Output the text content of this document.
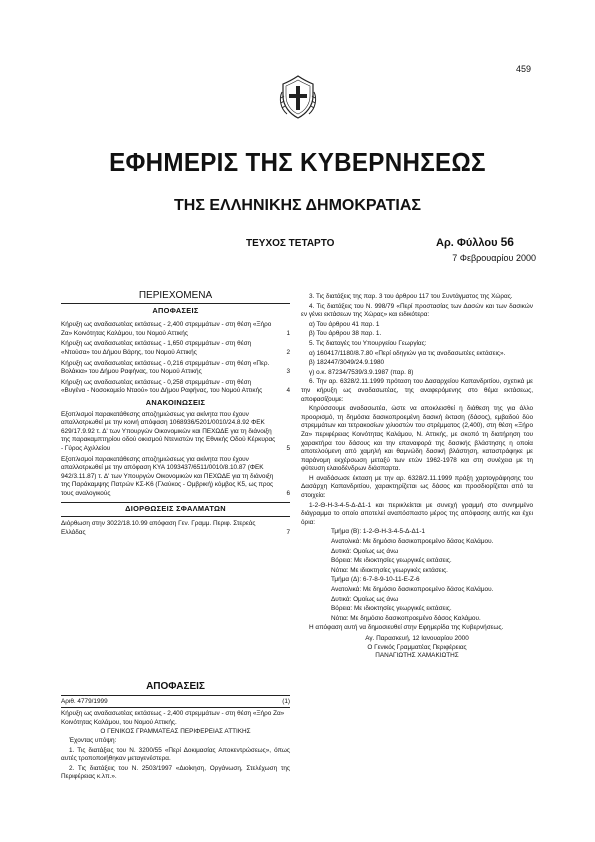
459
ΕΦΗΜΕΡΙΣ ΤΗΣ ΚΥΒΕΡΝΗΣΕΩΣ
ΤΗΣ ΕΛΛΗΝΙΚΗΣ ΔΗΜΟΚΡΑΤΙΑΣ
ΤΕΥΧΟΣ ΤΕΤΑΡΤΟ	Αρ. Φύλλου 56
7 Φεβρουαρίου 2000
ΠΕΡΙΕΧΟΜΕΝΑ
ΑΠΟΦΑΣΕΙΣ
Κήρυξη ως αναδασωτέας εκτάσεως - 2,400 στρεμμάτων - στη θέση «Ξήρο Ζα» Κοινότητας Καλάμου, του Νομού Αττικής	1
Κήρυξη ως αναδασωτέας εκτάσεως - 1,650 στρεμμάτων - στη θέση «Ντούσα» του Δήμου Βάρης, του Νομού Αττικής	2
Κήρυξη ως αναδασωτέας εκτάσεως - 0,216 στρεμμάτων - στη θέση «Περ. Βολάκια» του Δήμου Ραφήνας, του Νομού Αττικής	3
Κήρυξη ως αναδασωτέας εκτάσεως - 0,258 στρεμμάτων - στη θέση «Βυγένα - Νοσοκομείο Νταού» του Δήμου Ραφήνας, του Νομού Αττικής	4
ΑΝΑΚΟΙΝΩΣΕΙΣ
Εξοπλισμοί παρακατάθεσης αποζημιώσεως για ακίνητα που έχουν απαλλοτριωθεί με την κοινή απόφαση 1068936/5201/0010/24.8.92 ΦΕΚ 629/17.9.92 τ. Δ' των Υπουργών Οικονομικών και ΠΕΧΩΔΕ για τη διάνοιξη της παρακαμπτηρίου οδού οικισμού Ντενιστών της Εθνικής Οδού Κέρκυρας - Γύρος Αχιλλείου	5
Εξοπλισμοί παρακατάθεσης αποζημιώσεως για ακίνητα που έχουν απαλλοτριωθεί με την απόφαση ΚΥΑ 1093437/6511/0010/8.10.87 (ΦΕΚ 942/3.11.87) τ. Δ' των Υπουργών Οικονομικών και ΠΕΧΩΔΕ για τη διάνοιξη της Παράκαμψης Πατρών ΚΣ-Κ6 (Γλαύκος - Ομβρική) κόμβος Κ5, ως προς τους αναλογικούς	6
ΔΙΟΡΘΩΣΕΙΣ ΣΦΑΛΜΑΤΩΝ
Διόρθωση στην 3022/18.10.99 απόφαση Γεν. Γραμμ. Περιφ. Στερεάς Ελλάδας	7
ΑΠΟΦΑΣΕΙΣ
Αριθ. 4779/1999	(1)
Κήρυξη ως αναδασωτέας εκτάσεως - 2,400 στρεμμάτων - στη θέση «Ξήρο Ζα» Κοινότητας Καλάμου, του Νομού Αττικής.
Ο ΓΕΝΙΚΟΣ ΓΡΑΜΜΑΤΕΑΣ ΠΕΡΙΦΕΡΕΙΑΣ ΑΤΤΙΚΗΣ
Έχοντας υπόψη:
1. Τις διατάξεις του Ν. 3200/55 «Περί Δοκιμασίας Αποκεντρώσεως», όπως αυτές τροποποιήθηκαν μεταγενέστερα.
2. Τις διατάξεις του Ν. 2503/1997 «Διοίκηση, Οργάνωση, Στελέχωση της Περιφέρειας κ.λπ.».
3. Τις διατάξεις της παρ. 3 του άρθρου 117 του Συντάγματος της Χώρας.
4. Τις διατάξεις του Ν. 998/79 «Περί προστασίας των Δασών και των δασικών εν γένει εκτάσεων της Χώρας» και ειδικότερα:
α) Του άρθρου 41 παρ. 1
β) Του άρθρου 38 παρ. 1.
5. Τις διαταγές του Υπουργείου Γεωργίας:
α) 160417/1180/8.7.80 «Περί οδηγιών για τις αναδασωτέες εκτάσεις».
β) 182447/3049/24.9.1980
γ) ο.κ. 87234/7539/3.9.1987 (παρ. 8)
6. Την αρ. 6328/2.11.1999 πρόταση του Δασαρχείου Καπανδριτίου, σχετικά με την κήρυξη ως αναδασωτέας, της αναφερόμενης στο θέμα εκτάσεως, αποφασίζουμε:
Κηρύσσουμε αναδασωτέα, ώστε να αποκλεισθεί η διάθεση της για άλλο προορισμό, τη δημόσια δασικοπροεμένη δασική έκταση (δάσος), εμβαδού δύο στρεμμάτων και τετρακοσίων χιλιοστών του στρέμματος (2,400), στη θέση «Ξήρο Ζα» περιφέρειας Κοινότητας Καλάμου, Ν. Αττικής, με σκοπό τη διατήρηση του χαρακτήρα του δάσους και την επαναφορά της δασικής βλάστησης η οποία αποτελούμενη από χαμηλή και θαμνώδη δασική βλάστηση, καταστράφηκε με παράνομη εκχέρσωση μεταξύ των ετών 1962-1978 και στη συνέχεια με τη φύτευση ελαιοδένδρων διάσπαρτα.
Η αναδάσωσε έκταση με την αρ. 6328/2.11.1999 πράξη χαρτογράφησης του Δασάρχη Καπανδριτίου, χαρακτηρίζεται ως δάσος και προσδιορίζεται από τα στοιχεία:
1-2-Θ-Η-3-4-5-Δ-Δ1-1 και περικλείεται με συνεχή γραμμή στο συνημμένο διάγραμμα το οποίο αποτελεί αναπόσπαστο μέρος της απόφασης αυτής και έχει όρια:
Τμήμα (Β): 1-2-Θ-Η-3-4-5-Δ-Δ1-1
Ανατολικά: Με δημόσιο δασικοπροεμένο δάσος Καλάμου.
Δυτικά: Ομοίως ως άνω
Βόρεια: Με ιδιοκτησίες γεωργικές εκτάσεις.
Νότια: Με ιδιοκτησίες γεωργικές εκτάσεις.
Τμήμα (Δ): 6-7-8-9-10-11-Ε-Ζ-6
Ανατολικά: Με δημόσιο δασικοπροεμένο δάσος Καλάμου.
Δυτικά: Ομοίως ως άνω
Βόρεια: Με ιδιοκτησίες γεωργικές εκτάσεις.
Νότια: Με δημόσιο δασικοπροεμένο δάσος Καλάμου.
Η απόφαση αυτή να δημοσιευθεί στην Εφημερίδα της Κυβερνήσεως.
Αγ. Παρασκευή, 12 Ιανουαρίου 2000
Ο Γενικός Γραμματέας Περιφέρειας
ΠΑΝΑΓΙΩΤΗΣ ΧΑΜΑΚΙΩΤΗΣ
